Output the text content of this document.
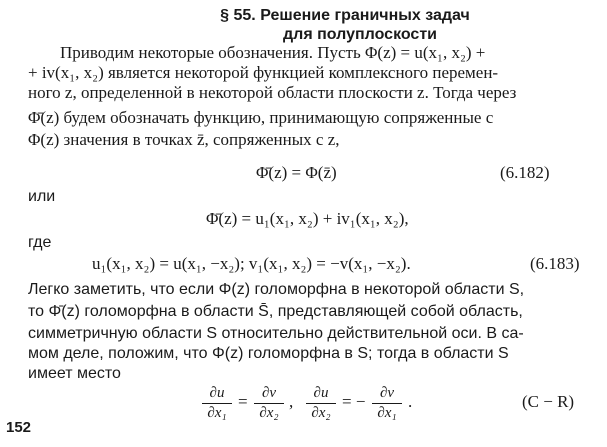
§ 55. Решение граничных задач
для полуплоскости
Приводим некоторые обозначения. Пусть Φ(z) = u(x₁, x₂) +
+ iv(x₁, x₂) является некоторой функцией комплексного перемен-
ного z, определенной в некоторой области плоскости z. Тогда через
Φ̄(z) будем обозначать функцию, принимающую сопряженные с
Φ(z) значения в точках z̄, сопряженных с z,
Φ̄(z) = Φ(z̄)	(6.182)
или
Φ̄(z) = u₁(x₁, x₂) + iv₁(x₁, x₂),
где
u₁(x₁, x₂) = u(x₁, −x₂); v₁(x₁, x₂) = −v(x₁, −x₂).	(6.183)
Легко заметить, что если Φ(z) голоморфна в некоторой области S,
то Φ̄(z) голоморфна в области S̄, представляющей собой область,
симметричную области S относительно действительной оси. В са-
мом деле, положим, что Φ(z) голоморфна в S; тогда в области S
имеет место
∂u
∂x₁
= ∂v
∂x₂
,	∂u
∂x₂
= − ∂v
∂x₁
.	(C − R)
152
